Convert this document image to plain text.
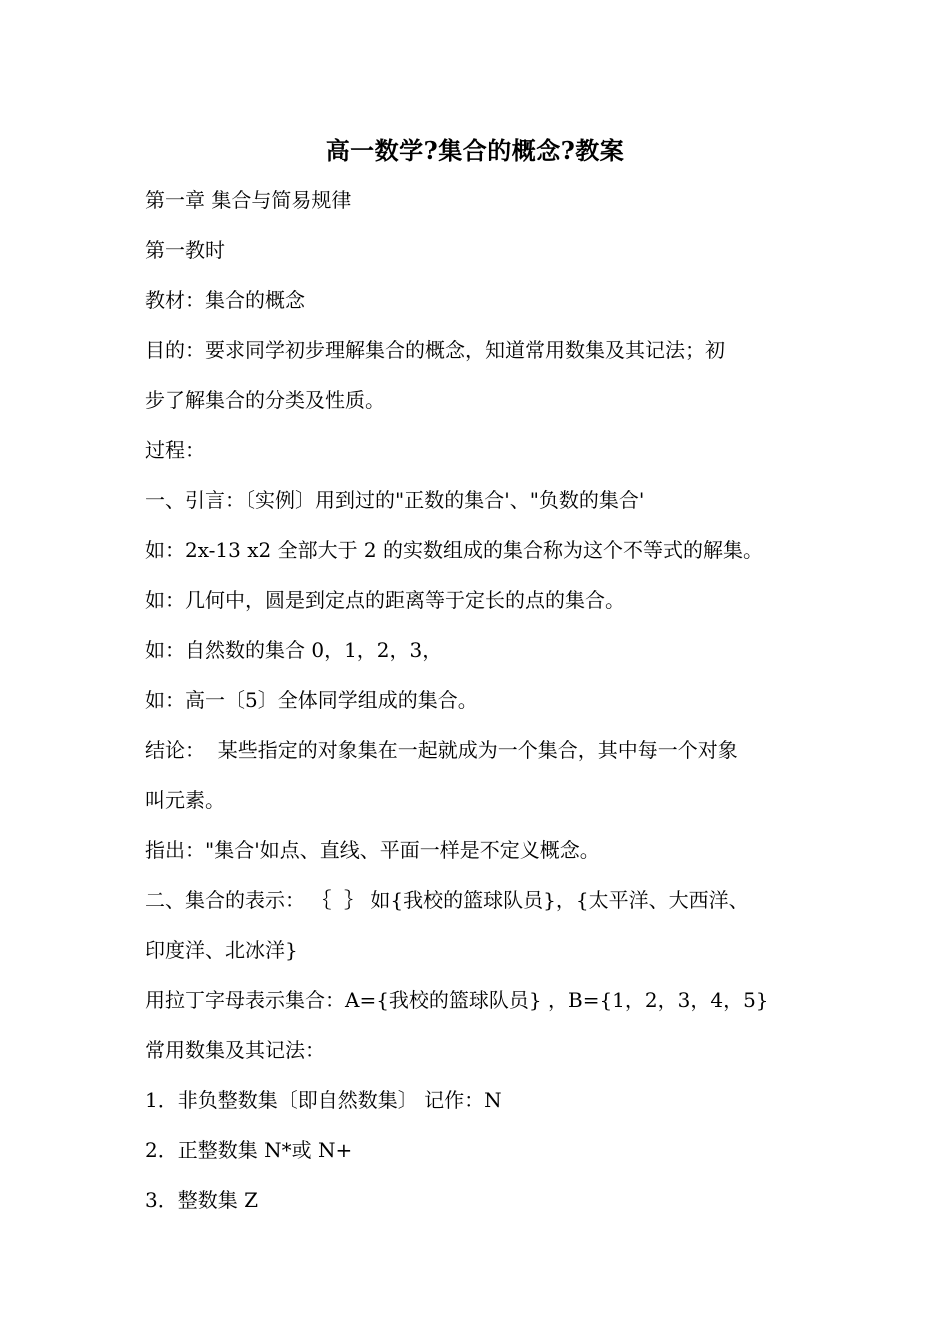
高一数学?集合的概念?教案
第一章 集合与简易规律
第一教时
教材：集合的概念
目的：要求同学初步理解集合的概念，知道常用数集及其记法；初
步了解集合的分类及性质。
过程：
一、引言：〔实例〕用到过的"正数的集合'、"负数的集合'
如：2x-13 x2 全部大于 2 的实数组成的集合称为这个不等式的解集。
如：几何中，圆是到定点的距离等于定长的点的集合。
如：自然数的集合 0，1，2，3，
如：高一〔5〕全体同学组成的集合。
结论：  某些指定的对象集在一起就成为一个集合，其中每一个对象
叫元素。
指出："集合'如点、直线、平面一样是不定义概念。
二、集合的表示： ｛  ｝ 如{我校的篮球队员}，{太平洋、大西洋、
印度洋、北冰洋}
用拉丁字母表示集合：A={我校的篮球队员} ，B={1，2，3，4，5}
常用数集及其记法：
1．非负整数集〔即自然数集〕 记作：N
2．正整数集 N*或 N+
3．整数集 Z
